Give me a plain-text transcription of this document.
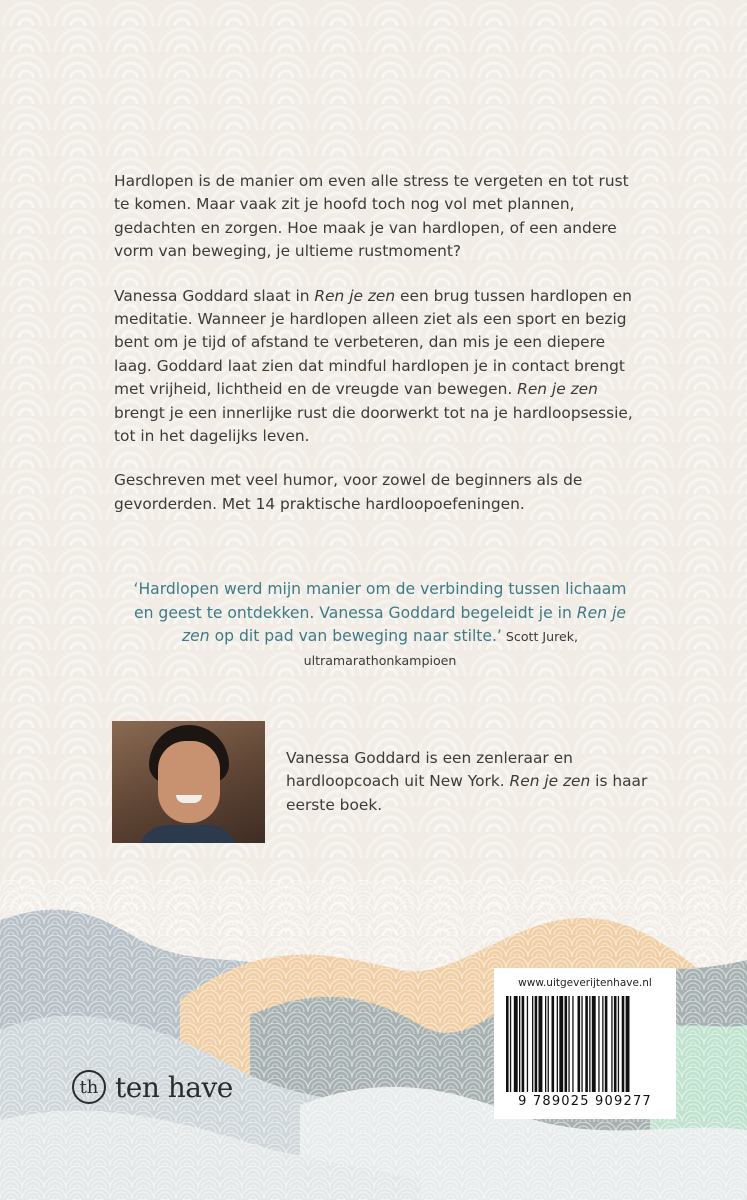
Hardlopen is de manier om even alle stress te vergeten en tot rust te komen. Maar vaak zit je hoofd toch nog vol met plannen, gedachten en zorgen. Hoe maak je van hardlopen, of een andere vorm van beweging, je ultieme rustmoment?

Vanessa Goddard slaat in Ren je zen een brug tussen hardlopen en meditatie. Wanneer je hardlopen alleen ziet als een sport en bezig bent om je tijd of afstand te verbeteren, dan mis je een diepere laag. Goddard laat zien dat mindful hardlopen je in contact brengt met vrijheid, lichtheid en de vreugde van bewegen. Ren je zen brengt je een innerlijke rust die doorwerkt tot na je hardloopsessie, tot in het dagelijks leven.

Geschreven met veel humor, voor zowel de beginners als de gevorderden. Met 14 praktische hardloopoefeningen.

‘Hardlopen werd mijn manier om de verbinding tussen lichaam en geest te ontdekken. Vanessa Goddard begeleidt je in Ren je zen op dit pad van beweging naar stilte.’ Scott Jurek, ultramarathonkampioen
Vanessa Goddard is een zenleraar en hardloopcoach uit New York. Ren je zen is haar eerste boek.
th ten have
www.uitgeverijtenhave.nl
9 789025 909277
